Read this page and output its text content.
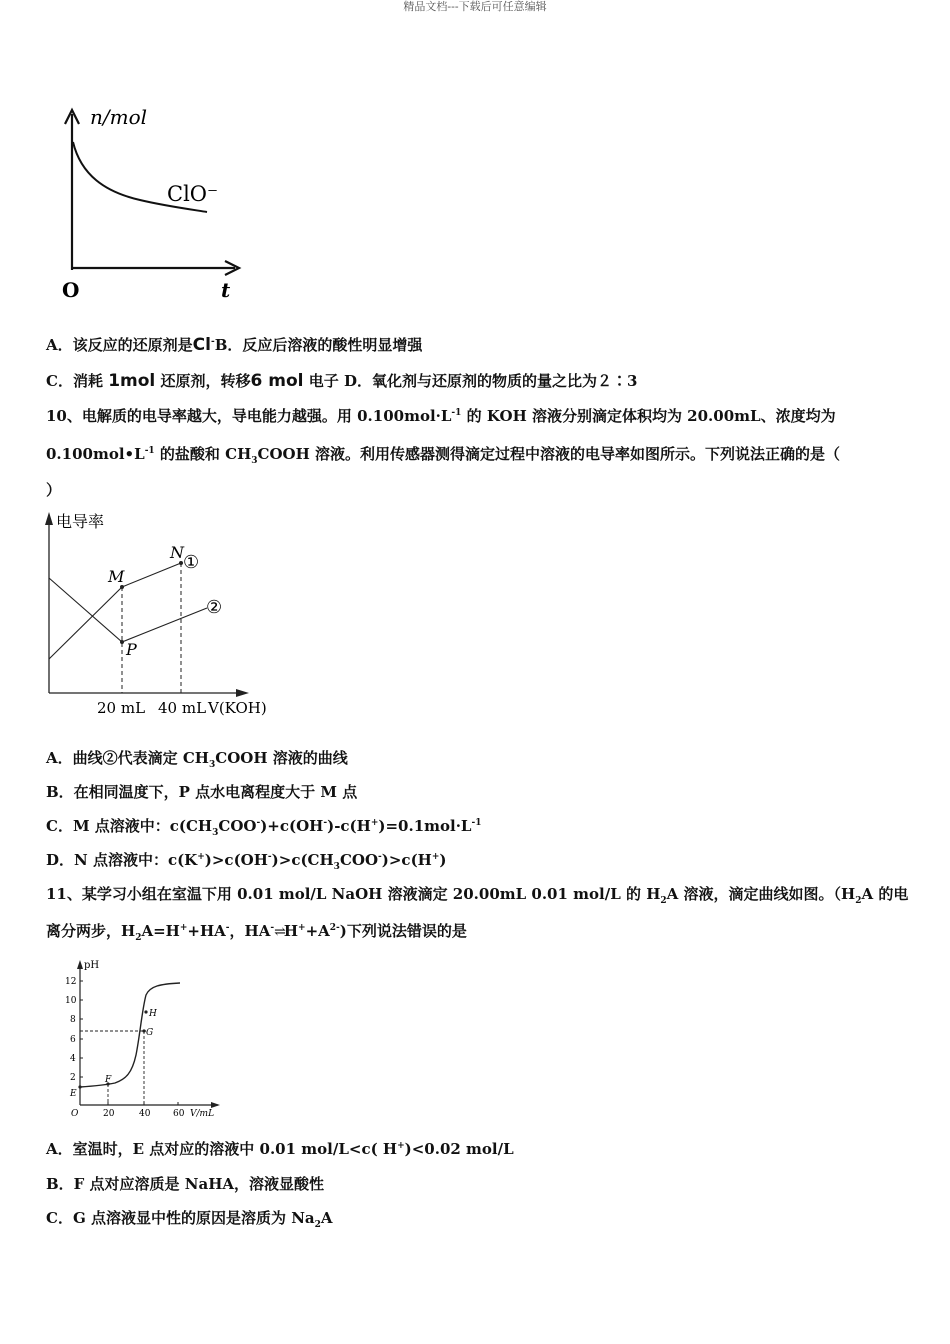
精品文档---下载后可任意编辑
n/mol
ClO⁻
O	t
A．该反应的还原剂是Cl-B．反应后溶液的酸性明显增强
C．消耗 1mol 还原剂，转移6 mol 电子 D．氧化剂与还原剂的物质的量之比为２∶3
10、电解质的电导率越大，导电能力越强。用 $0.100mol\cdot L^{-1}$ 的 KOH 溶液分别滴定体积均为 20.00mL、浓度均为
$0.100mol•L^{-1}$ 的盐酸和 $CH_3COOH$ 溶液。利用传感器测得滴定过程中溶液的电导率如图所示。下列说法正确的是（
）
电导率
M
N
P
①
②
20 mL 40 mL V(KOH)
A．曲线②代表滴定 $CH_3COOH$ 溶液的曲线
B．在相同温度下，P 点水电离程度大于 M 点
C．M 点溶液中：$c(CH_3COO^-)+c(OH^-)-c(H^+)=0.1mol\cdot L^{-1}$
D．N 点溶液中：$c(K^+)>c(OH^-)>c(CH_3COO^-)>c(H^+)$
11、某学习小组在室温下用 0.01 mol/L NaOH 溶液滴定 20.00mL 0.01 mol/L 的 $H_2A$ 溶液，滴定曲线如图。（$H_2A$ 的电
离分两步，$H_2A=H^++HA^-$，$HA^-\rightleftharpoons H^++A^{2-}$)下列说法错误的是
pH
12
10
8
6
4
2
20	40	60 V/mL
O
E
F
G
H
A．室温时，E 点对应的溶液中 0.01 mol/L<c( H+)<0.02 mol/L
B．F 点对应溶质是 NaHA，溶液显酸性
C．G 点溶液显中性的原因是溶质为 $Na_2A$
